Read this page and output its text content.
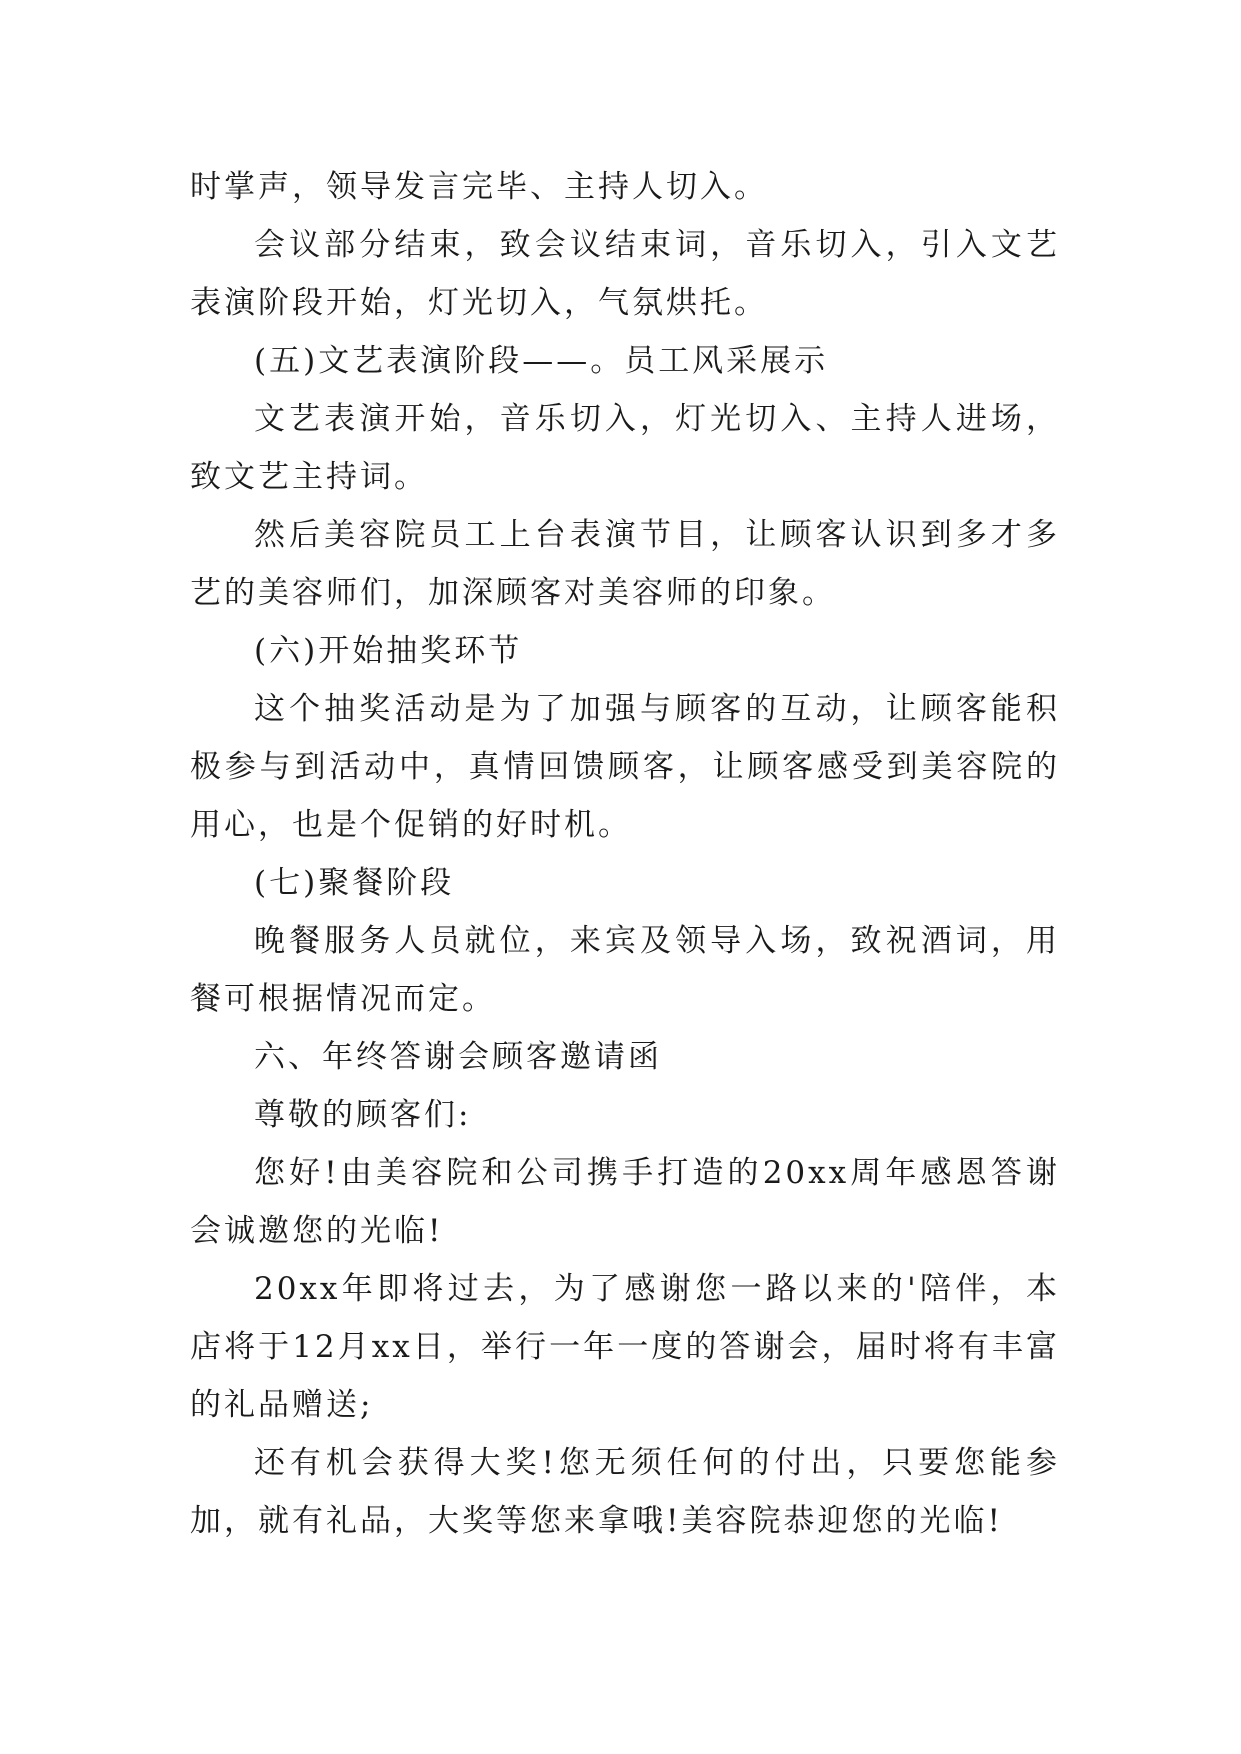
时掌声，领导发言完毕、主持人切入。

会议部分结束，致会议结束词，音乐切入，引入文艺表演阶段开始，灯光切入，气氛烘托。

(五)文艺表演阶段——。员工风采展示

文艺表演开始，音乐切入，灯光切入、主持人进场，致文艺主持词。

然后美容院员工上台表演节目，让顾客认识到多才多艺的美容师们，加深顾客对美容师的印象。

(六)开始抽奖环节

这个抽奖活动是为了加强与顾客的互动，让顾客能积极参与到活动中，真情回馈顾客，让顾客感受到美容院的用心，也是个促销的好时机。

(七)聚餐阶段

晚餐服务人员就位，来宾及领导入场，致祝酒词，用餐可根据情况而定。

六、年终答谢会顾客邀请函

尊敬的顾客们:

您好!由美容院和公司携手打造的20xx周年感恩答谢会诚邀您的光临!

20xx年即将过去，为了感谢您一路以来的'陪伴，本店将于12月xx日，举行一年一度的答谢会，届时将有丰富的礼品赠送;

还有机会获得大奖!您无须任何的付出，只要您能参加，就有礼品，大奖等您来拿哦!美容院恭迎您的光临!
